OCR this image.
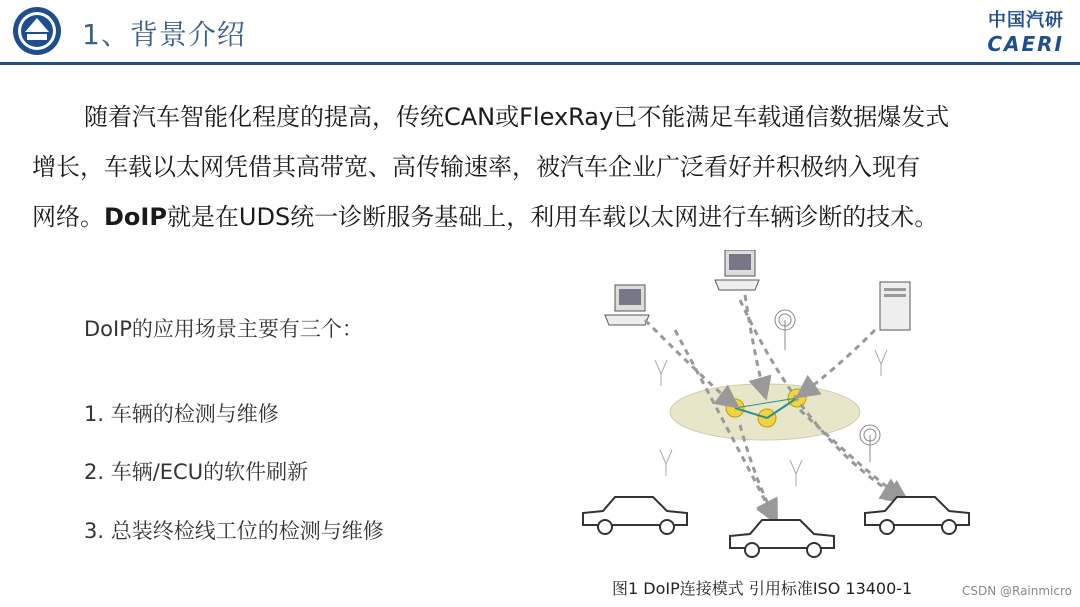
1、背景介绍	中国汽研
CAERI
随着汽车智能化程度的提高，传统CAN或FlexRay已不能满足车载通信数据爆发式
增长，车载以太网凭借其高带宽、高传输速率，被汽车企业广泛看好并积极纳入现有
网络。DoIP就是在UDS统一诊断服务基础上，利用车载以太网进行车辆诊断的技术。
DoIP的应用场景主要有三个：
1. 车辆的检测与维修
2. 车辆/ECU的软件刷新
3. 总装终检线工位的检测与维修
图1 DoIP连接模式 引用标准ISO 13400-1	CSDN @Rainmicro
